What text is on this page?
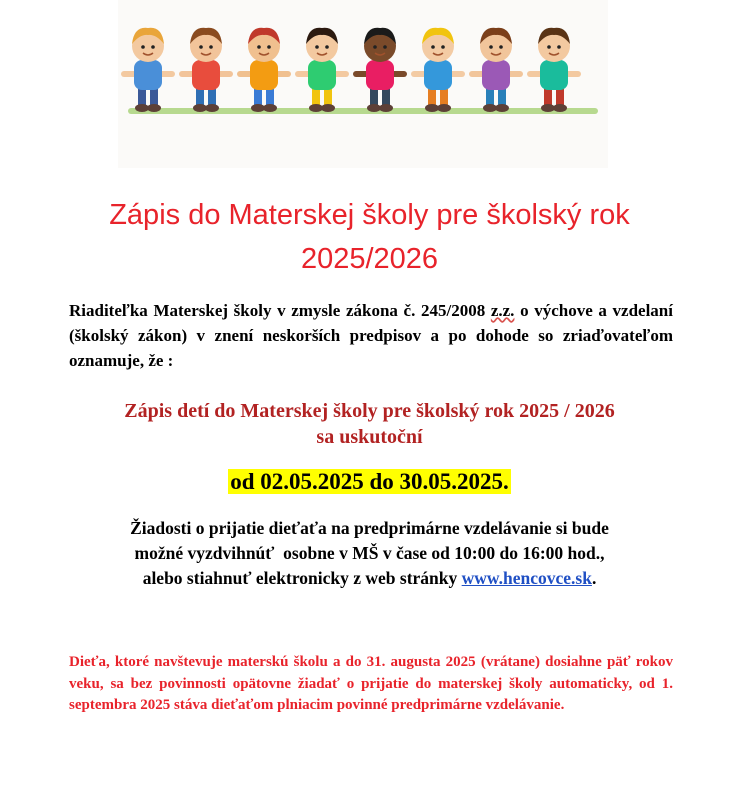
Zápis do Materskej školy pre školský rok
2025/2026
Riaditeľka Materskej školy v zmysle zákona č. 245/2008 z.z. o výchove a vzdelaní (školský zákon) v znení neskorších predpisov a po dohode so zriaďovateľom oznamuje, že :
Zápis detí do Materskej školy pre školský rok 2025 / 2026
sa uskutoční
od 02.05.2025 do 30.05.2025.
Žiadosti o prijatie dieťaťa na predprimárne vzdelávanie si bude
možné vyzdvihnúť  osobne v MŠ v čase od 10:00 do 16:00 hod.,
alebo stiahnuť elektronicky z web stránky www.hencovce.sk.
Dieťa, ktoré navštevuje materskú školu a do 31. augusta 2025 (vrátane) dosiahne päť rokov veku, sa bez povinnosti opätovne žiadať o prijatie do materskej školy automaticky, od 1. septembra 2025 stáva dieťaťom plniacim povinné predprimárne vzdelávanie.
